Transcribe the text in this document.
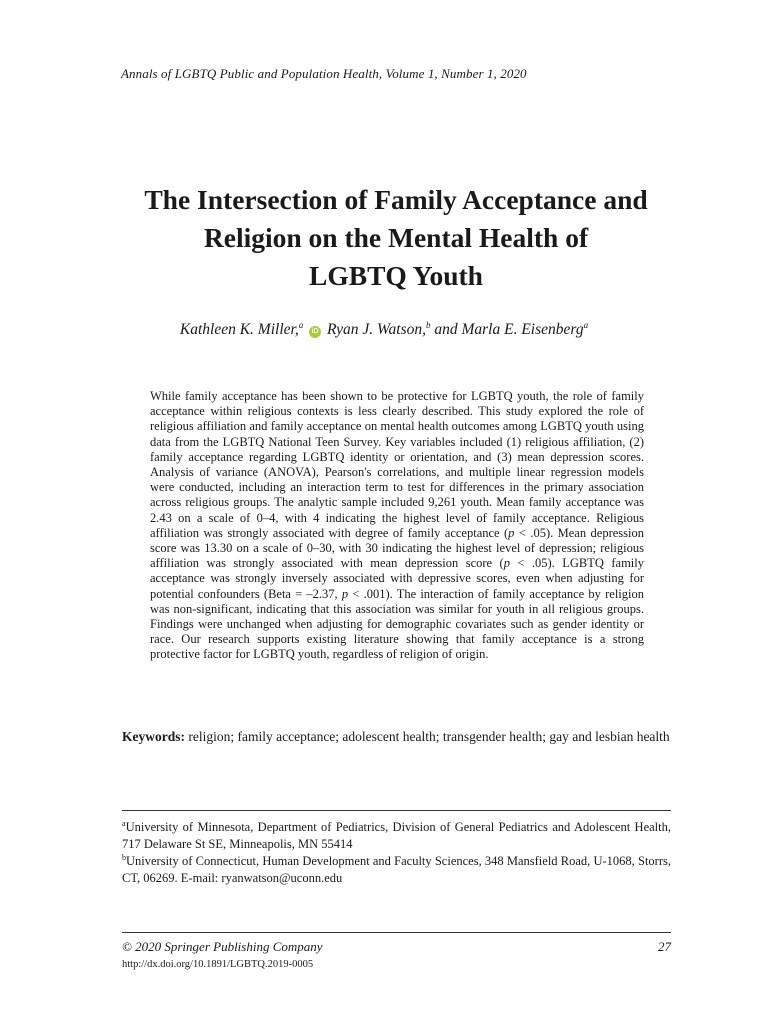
Annals of LGBTQ Public and Population Health, Volume 1, Number 1, 2020
The Intersection of Family Acceptance and
Religion on the Mental Health of
LGBTQ Youth
Kathleen K. Miller,$^a$ iD Ryan J. Watson,$^b$ and Marla E. Eisenberg$^a$
While family acceptance has been shown to be protective for LGBTQ youth, the role of family acceptance within religious contexts is less clearly described. This study explored the role of religious affiliation and family acceptance on mental health outcomes among LGBTQ youth using data from the LGBTQ National Teen Survey. Key variables included (1) religious affiliation, (2) family acceptance regarding LGBTQ identity or orientation, and (3) mean depression scores. Analysis of variance (ANOVA), Pearson's correlations, and multiple linear regression models were conducted, including an interaction term to test for differences in the primary association across religious groups. The analytic sample included 9,261 youth. Mean family acceptance was 2.43 on a scale of 0–4, with 4 indicating the highest level of family acceptance. Religious affiliation was strongly associated with degree of family acceptance (p < .05). Mean depression score was 13.30 on a scale of 0–30, with 30 indicating the highest level of depression; religious affiliation was strongly associated with mean depression score (p < .05). LGBTQ family acceptance was strongly inversely associated with depressive scores, even when adjusting for potential confounders (Beta = –2.37, p < .001). The interaction of family acceptance by religion was non-significant, indicating that this association was similar for youth in all religious groups. Findings were unchanged when adjusting for demographic covariates such as gender identity or race. Our research supports existing literature showing that family acceptance is a strong protective factor for LGBTQ youth, regardless of religion of origin.
Keywords: religion; family acceptance; adolescent health; transgender health; gay and lesbian health
$^a$University of Minnesota, Department of Pediatrics, Division of General Pediatrics and Adolescent Health, 717 Delaware St SE, Minneapolis, MN 55414
$^b$University of Connecticut, Human Development and Faculty Sciences, 348 Mansfield Road, U-1068, Storrs, CT, 06269. E-mail: ryanwatson@uconn.edu
© 2020 Springer Publishing Company	27
http://dx.doi.org/10.1891/LGBTQ.2019-0005
